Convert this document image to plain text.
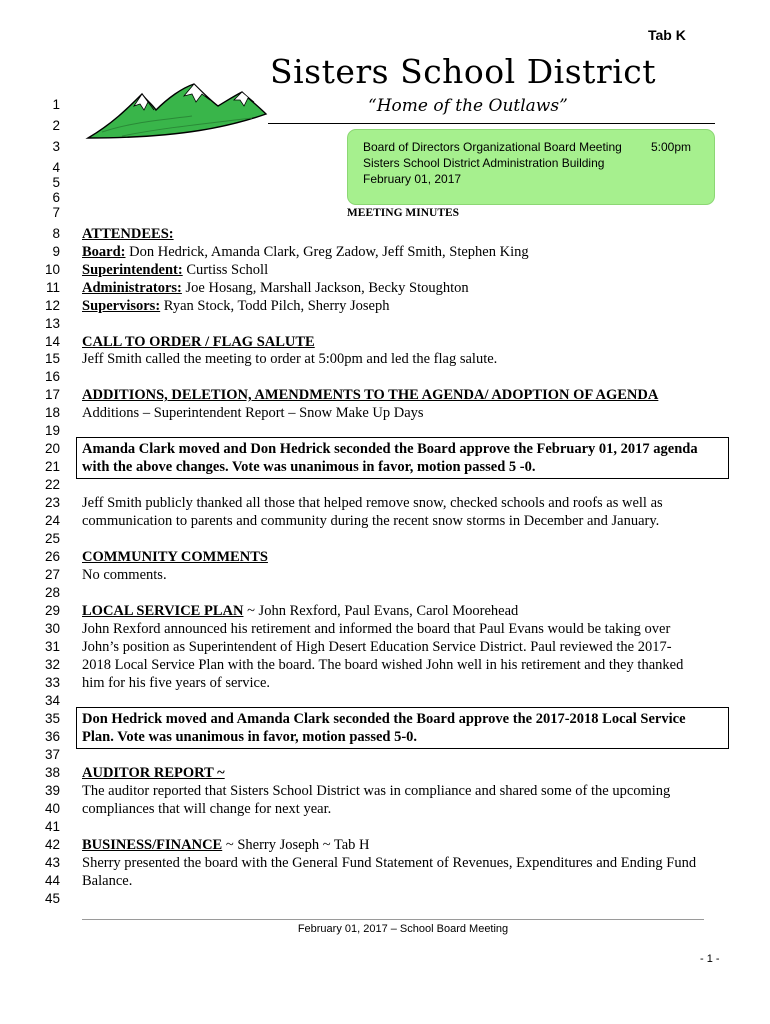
Tab K
Sisters School District
“Home of the Outlaws”
Board of Directors Organizational Board Meeting 5:00pm
Sisters School District Administration Building
February 01, 2017
MEETING MINUTES
1
2
3
4
5
6
7
8
9
10
11
12
13
14
15
16
17
18
19
20
21
22
23
24
25
26
27
28
29
30
31
32
33
34
35
36
37
38
39
40
41
42
43
44
45
ATTENDEES:
Board: Don Hedrick, Amanda Clark, Greg Zadow, Jeff Smith, Stephen King
Superintendent: Curtiss Scholl
Administrators: Joe Hosang, Marshall Jackson, Becky Stoughton
Supervisors: Ryan Stock, Todd Pilch, Sherry Joseph
CALL TO ORDER / FLAG SALUTE
Jeff Smith called the meeting to order at 5:00pm and led the flag salute.
ADDITIONS, DELETION, AMENDMENTS TO THE AGENDA/ ADOPTION OF AGENDA
Additions – Superintendent Report – Snow Make Up Days
Amanda Clark moved and Don Hedrick seconded the Board approve the February 01, 2017 agenda
with the above changes. Vote was unanimous in favor, motion passed 5 -0.
Jeff Smith publicly thanked all those that helped remove snow, checked schools and roofs as well as
communication to parents and community during the recent snow storms in December and January.
COMMUNITY COMMENTS
No comments.
LOCAL SERVICE PLAN ~ John Rexford, Paul Evans, Carol Moorehead
John Rexford announced his retirement and informed the board that Paul Evans would be taking over
John’s position as Superintendent of High Desert Education Service District. Paul reviewed the 2017-
2018 Local Service Plan with the board. The board wished John well in his retirement and they thanked
him for his five years of service.
Don Hedrick moved and Amanda Clark seconded the Board approve the 2017-2018 Local Service
Plan. Vote was unanimous in favor, motion passed 5-0.
AUDITOR REPORT ~
The auditor reported that Sisters School District was in compliance and shared some of the upcoming
compliances that will change for next year.
BUSINESS/FINANCE ~ Sherry Joseph ~ Tab H
Sherry presented the board with the General Fund Statement of Revenues, Expenditures and Ending Fund
Balance.
February 01, 2017 – School Board Meeting
- 1 -
